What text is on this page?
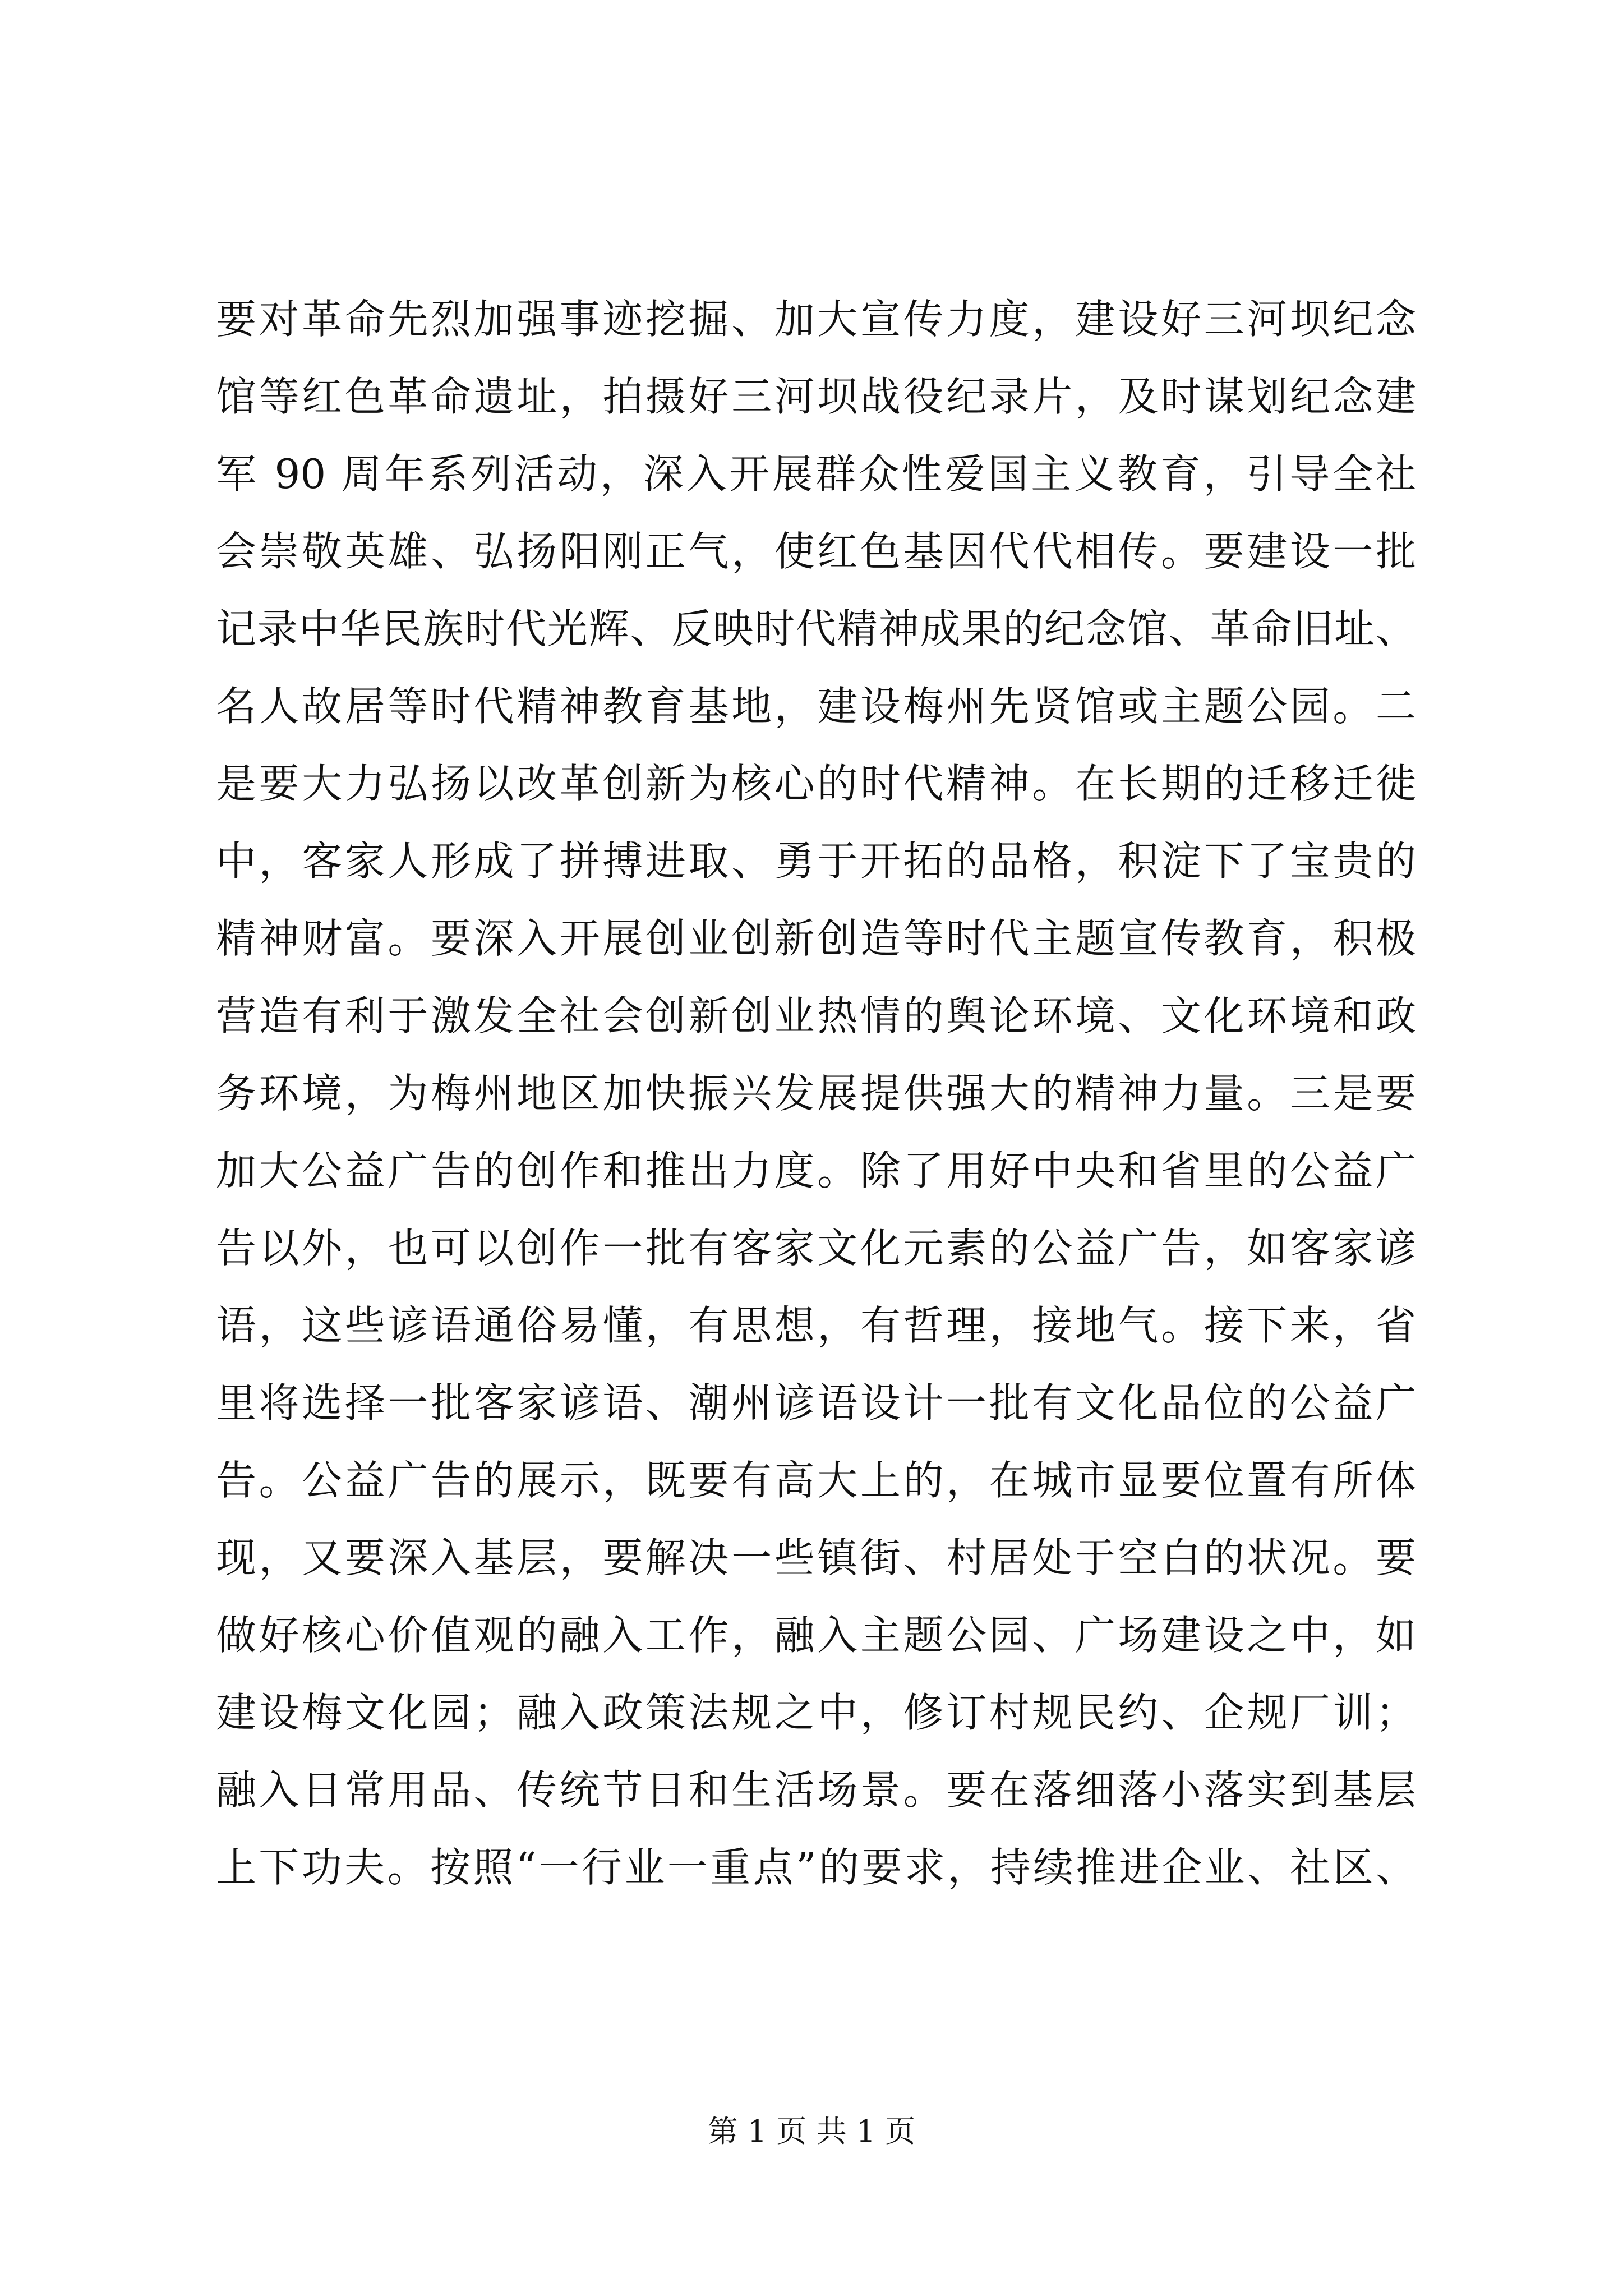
要对革命先烈加强事迹挖掘、加大宣传力度，建设好三河坝纪念
馆等红色革命遗址，拍摄好三河坝战役纪录片，及时谋划纪念建
军 90 周年系列活动，深入开展群众性爱国主义教育，引导全社
会崇敬英雄、弘扬阳刚正气，使红色基因代代相传。要建设一批
记录中华民族时代光辉、反映时代精神成果的纪念馆、革命旧址、
名人故居等时代精神教育基地，建设梅州先贤馆或主题公园。二
是要大力弘扬以改革创新为核心的时代精神。在长期的迁移迁徙
中，客家人形成了拼搏进取、勇于开拓的品格，积淀下了宝贵的
精神财富。要深入开展创业创新创造等时代主题宣传教育，积极
营造有利于激发全社会创新创业热情的舆论环境、文化环境和政
务环境，为梅州地区加快振兴发展提供强大的精神力量。三是要
加大公益广告的创作和推出力度。除了用好中央和省里的公益广
告以外，也可以创作一批有客家文化元素的公益广告，如客家谚
语，这些谚语通俗易懂，有思想，有哲理，接地气。接下来，省
里将选择一批客家谚语、潮州谚语设计一批有文化品位的公益广
告。公益广告的展示，既要有高大上的，在城市显要位置有所体
现，又要深入基层，要解决一些镇街、村居处于空白的状况。要
做好核心价值观的融入工作，融入主题公园、广场建设之中，如
建设梅文化园；融入政策法规之中，修订村规民约、企规厂训；
融入日常用品、传统节日和生活场景。要在落细落小落实到基层
上下功夫。按照“一行业一重点”的要求，持续推进企业、社区、
第 1 页 共 1 页
